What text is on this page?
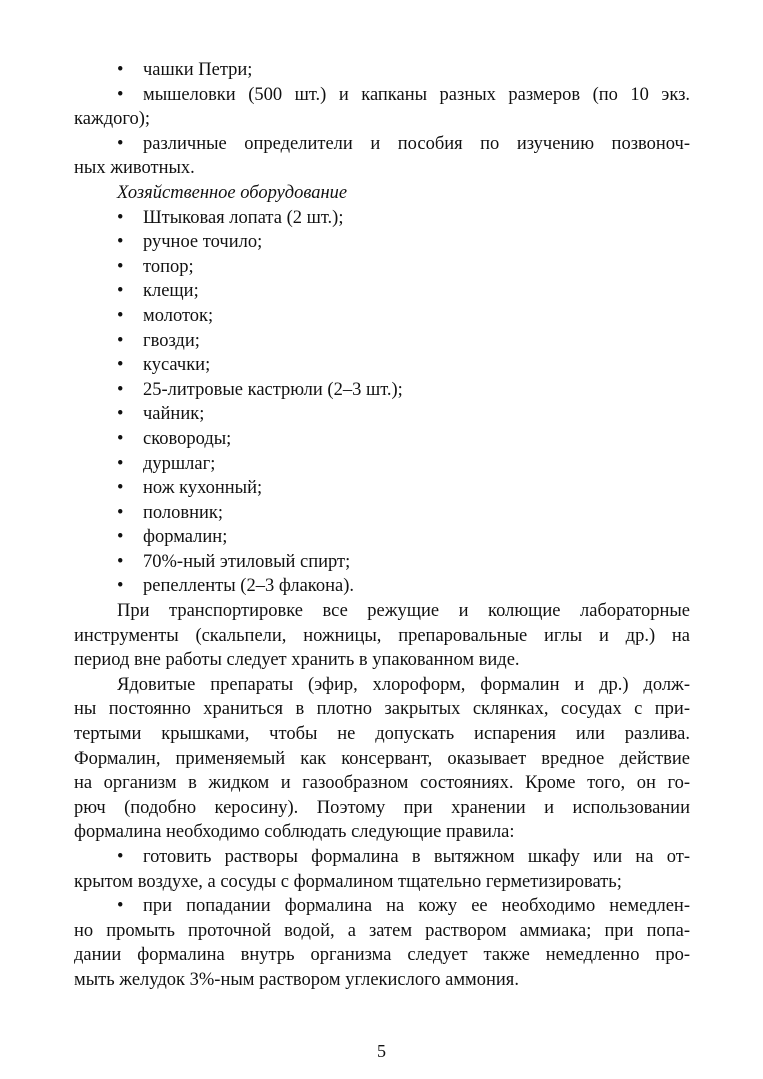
• чашки Петри;
• мышеловки (500 шт.) и капканы разных размеров (по 10 экз.
каждого);
• различные определители и пособия по изучению позвоноч-
ных животных.
Хозяйственное оборудование
• Штыковая лопата (2 шт.);
• ручное точило;
• топор;
• клещи;
• молоток;
• гвозди;
• кусачки;
• 25-литровые кастрюли (2–3 шт.);
• чайник;
• сковороды;
• дуршлаг;
• нож кухонный;
• половник;
• формалин;
• 70%-ный этиловый спирт;
• репелленты (2–3 флакона).
При транспортировке все режущие и колющие лабораторные
инструменты (скальпели, ножницы, препаровальные иглы и др.) на
период вне работы следует хранить в упакованном виде.
Ядовитые препараты (эфир, хлороформ, формалин и др.) долж-
ны постоянно храниться в плотно закрытых склянках, сосудах с при-
тертыми крышками, чтобы не допускать испарения или разлива.
Формалин, применяемый как консервант, оказывает вредное действие
на организм в жидком и газообразном состояниях. Кроме того, он го-
рюч (подобно керосину). Поэтому при хранении и использовании
формалина необходимо соблюдать следующие правила:
• готовить растворы формалина в вытяжном шкафу или на от-
крытом воздухе, а сосуды с формалином тщательно герметизировать;
• при попадании формалина на кожу ее необходимо немедлен-
но промыть проточной водой, а затем раствором аммиака; при попа-
дании формалина внутрь организма следует также немедленно про-
мыть желудок 3%-ным раствором углекислого аммония.
5
